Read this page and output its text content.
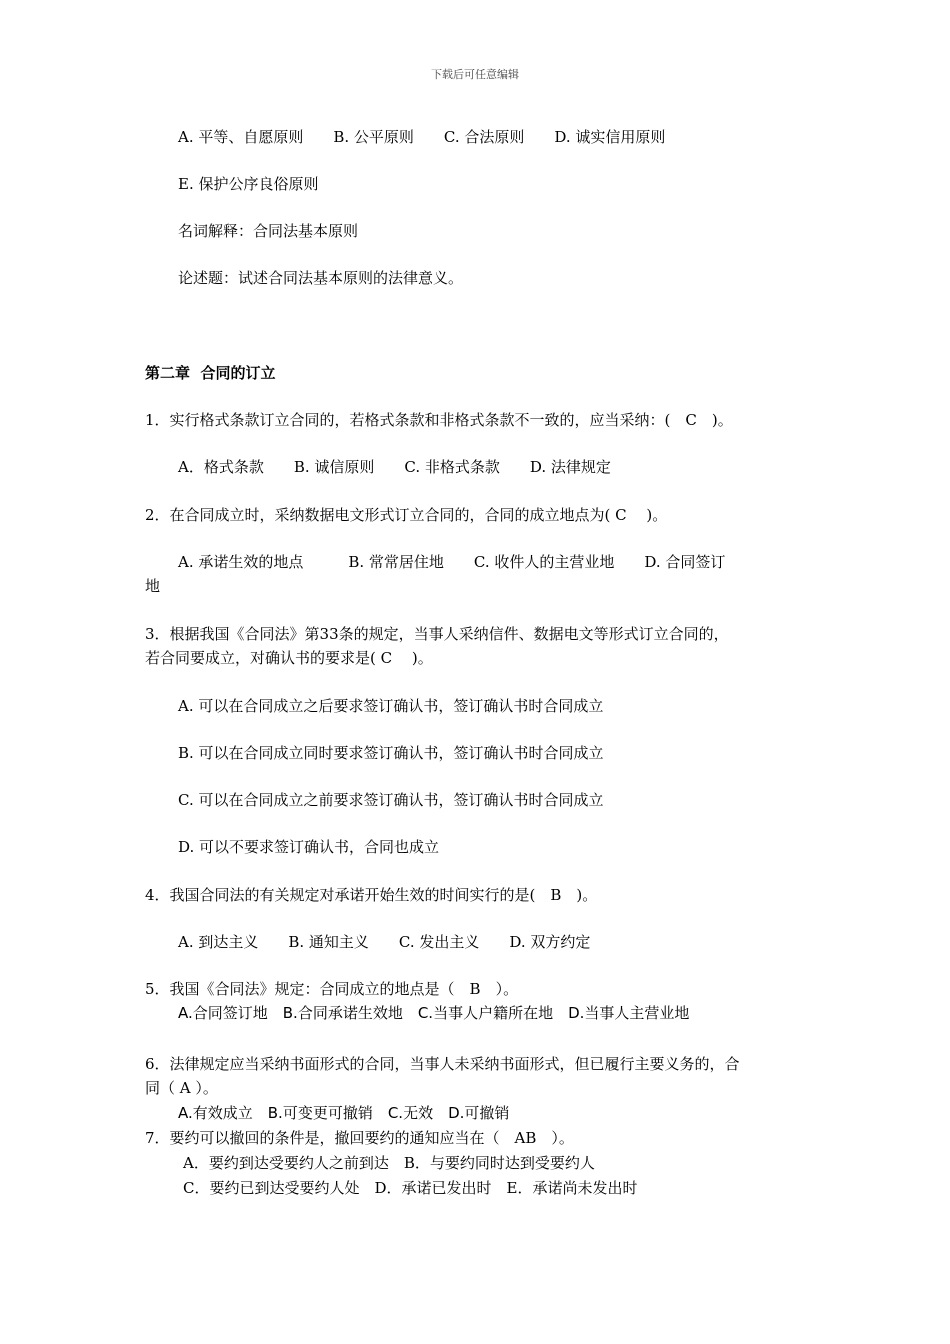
下载后可任意编辑
A. 平等、自愿原则　　B. 公平原则　　C. 合法原则　　D. 诚实信用原则
E. 保护公序良俗原则
名词解释：合同法基本原则
论述题：试述合同法基本原则的法律意义。
第二章  合同的订立
1．实行格式条款订立合同的，若格式条款和非格式条款不一致的，应当采纳：(　C　)。
A．格式条款　　B. 诚信原则　　C. 非格式条款　　D. 法律规定
2．在合同成立时，采纳数据电文形式订立合同的，合同的成立地点为( C　 )。
A. 承诺生效的地点　　　B. 常常居住地　　C. 收件人的主营业地　　D. 合同签订
地
3．根据我国《合同法》第33条的规定，当事人采纳信件、数据电文等形式订立合同的，
若合同要成立，对确认书的要求是( C　 )。
A. 可以在合同成立之后要求签订确认书，签订确认书时合同成立
B. 可以在合同成立同时要求签订确认书，签订确认书时合同成立
C. 可以在合同成立之前要求签订确认书，签订确认书时合同成立
D. 可以不要求签订确认书，合同也成立
4．我国合同法的有关规定对承诺开始生效的时间实行的是(　B　)。
A. 到达主义　　B. 通知主义　　C. 发出主义　　D. 双方约定
5．我国《合同法》规定：合同成立的地点是（　B　）。
A.合同签订地　B.合同承诺生效地　C.当事人户籍所在地　D.当事人主营业地
6．法律规定应当采纳书面形式的合同，当事人未采纳书面形式，但已履行主要义务的，合
同（ A ）。
A.有效成立　B.可变更可撤销　C.无效　D.可撤销
7．要约可以撤回的条件是，撤回要约的通知应当在（　AB　）。
A．要约到达受要约人之前到达　B．与要约同时达到受要约人
C．要约已到达受要约人处　D．承诺已发出时　E．承诺尚未发出时
